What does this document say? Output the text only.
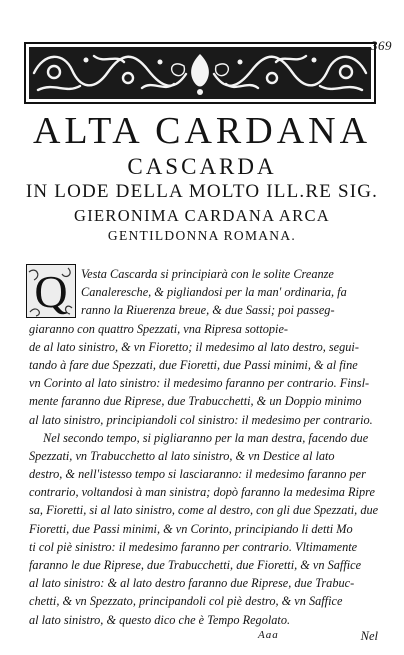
369
ALTA CARDANA
CASCARDA
IN LODE DELLA MOLTO ILL.RE SIG.
GIERONIMA CARDANA ARCA
GENTILDONNA ROMANA.
Q	Vesta Cascarda si principiarà con le solite Creanze
Canaleresche, & pigliandosi per la man' ordinaria, fa
ranno la Riuerenza breue, & due Sassi; poi passeg-
giaranno con quattro Spezzati, vna Ripresa sottopie-
de al lato sinistro, & vn Fioretto; il medesimo al lato destro, segui-
tando à fare due Spezzati, due Fioretti, due Passi minimi, & al fine
vn Corinto al lato sinistro: il medesimo faranno per contrario. Finsl-
mente faranno due Riprese, due Trabucchetti, & un Doppio minimo
al lato sinistro, principiandoli col sinistro: il medesimo per contrario.
Nel secondo tempo, si pigliaranno per la man destra, facendo due
Spezzati, vn Trabucchetto al lato sinistro, & vn Destice al lato
destro, & nell'istesso tempo si lasciaranno: il medesimo faranno per
contrario, voltandosi à man sinistra; dopò faranno la medesima Ripre
sa, Fioretti, si al lato sinistro, come al destro, con gli due Spezzati, due
Fioretti, due Passi minimi, & vn Corinto, principiando li detti Mo
ti col piè sinistro: il medesimo faranno per contrario. Vltimamente
faranno le due Riprese, due Trabucchetti, due Fioretti, & vn Saffice
al lato sinistro: & al lato destro faranno due Riprese, due Trabuc-
chetti, & vn Spezzato, principandoli col piè destro, & vn Saffice
al lato sinistro, & questo dico che è Tempo Regolato.
Aaa	Nel
